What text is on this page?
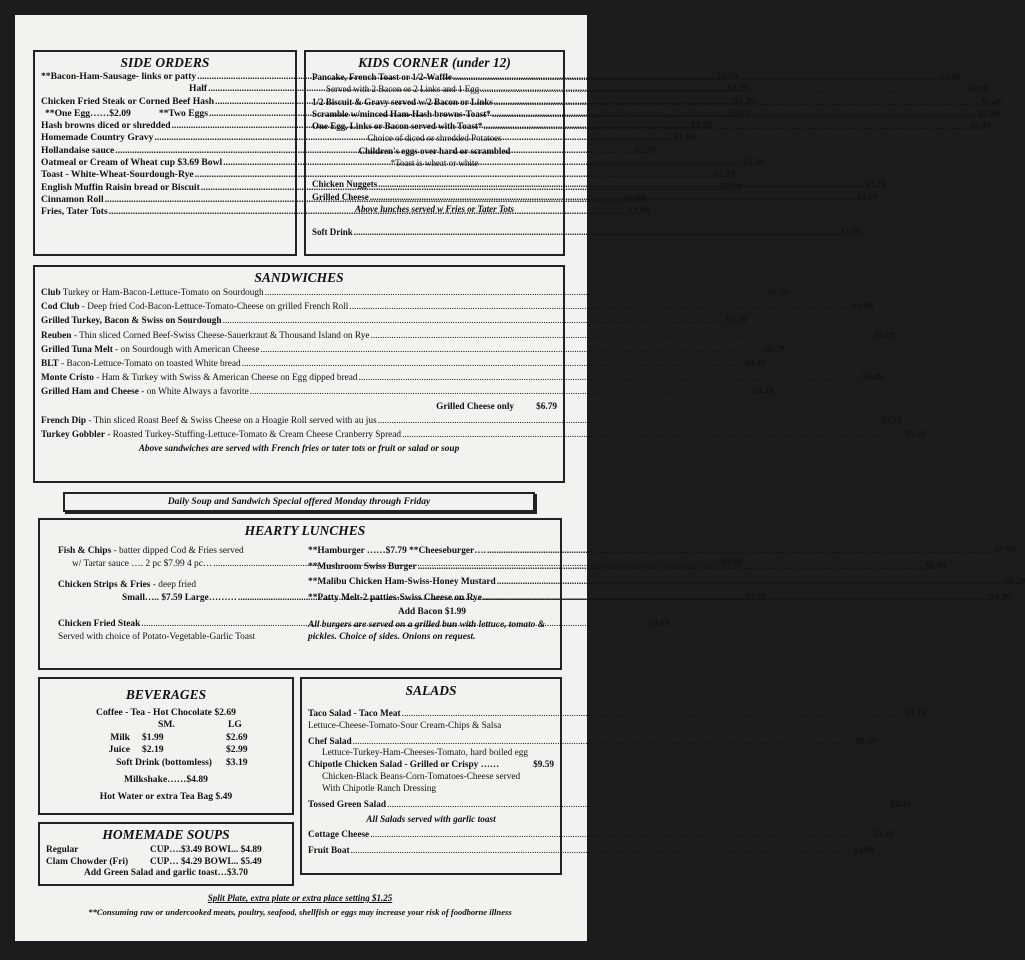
SIDE ORDERS

**Bacon-Ham-Sausage- links or patty .....	$4.59
Half .....	$2.89
Chicken Fried Steak or Corned Beef Hash .....	$5.09
**One Egg……$2.09	**Two Eggs .....	$3.09
Hash browns diced or shredded .....	$3.29
Homemade Country Gravy .....	$1.69
Hollandaise sauce .....	$2.59
Oatmeal or Cream of Wheat cup $3.69 Bowl .....	$4.39
Toast - White-Wheat-Sourdough-Rye .....	$2.39
English Muffin Raisin bread or Biscuit .....	$2.59
Cinnamon Roll .....	$3.99
Fries, Tater Tots .....	$3.99

KIDS CORNER (under 12)

Pancake, French Toast or 1/2-Waffle .....	$3.49
Served with 2 Bacon or 2 Links and 1 Egg .....	$5.99
1/2 Biscuit & Gravy served w/2 Bacon or Links .....	$5.49
Scramble w/minced Ham-Hash browns-Toast* .....	$5.89
One Egg, Links or Bacon served with Toast* .....	$5.89
Choice of diced or shredded Potatoes
Children's eggs over hard or scrambled
*Toast is wheat or white
Chicken Nuggets .....	$5.29
Grilled Cheese .....	$4.69
Above lunches served w Fries or Tater Tots
Soft Drink .....	$1.69

SANDWICHES

Club Turkey or Ham-Bacon-Lettuce-Tomato on Sourdough .....	$9.59
Cod Club - Deep fried Cod-Bacon-Lettuce-Tomato-Cheese on grilled French Roll .....	$9.99
Grilled Turkey, Bacon & Swiss on Sourdough .....	$9.49
Reuben - Thin sliced Corned Beef-Swiss Cheese-Sauerkraut & Thousand Island on Rye .....	$9.29
Grilled Tuna Melt - on Sourdough with American Cheese .....	$8.79
BLT - Bacon-Lettuce-Tomato on toasted White bread .....	$8.49
Monte Cristo - Ham & Turkey with Swiss & American Cheese on Egg dipped bread .....	$9.49
Grilled Ham and Cheese - on White Always a favorite .....	$8.49
Grilled Cheese only $6.79
French Dip - Thin sliced Roast Beef & Swiss Cheese on a Hoagie Roll served with au jus .....	$9.79
Turkey Gobbler - Roasted Turkey-Stuffing-Lettuce-Tomato & Cream Cheese Cranberry Spread .....	$9.69
Above sandwiches are served with French fries or tater tots or fruit or salad or soup
Daily Soup and Sandwich Special offered Monday through Friday

HEARTY LUNCHES

Fish & Chips - batter dipped Cod & Fries served
w/ Tartar sauce …. 2 pc $7.99 4 pc… .....	$9.99
Chicken Strips & Fries - deep fried
Small….. $7.59 Large……… .....	$9.89
Chicken Fried Steak .....	$9.69
Served with choice of Potato-Vegetable-Garlic Toast
**Hamburger ……$7.79 **Cheeseburger…. .....	$7.99
**Mushroom Swiss Burger .....	$8.99
**Malibu Chicken Ham-Swiss-Honey Mustard .....	$9.29
**Patty Melt-2 patties-Swiss Cheese on Rye .....	$9.99
Add Bacon $1.99
All burgers are served on a grilled bun with lettuce, tomato & pickles. Choice of sides. Onions on request.

BEVERAGES

Coffee - Tea - Hot Chocolate $2.69
SM.	LG
Milk	$1.99	$2.69
Juice	$2.19	$2.99
Soft Drink (bottomless)	$3.19
Milkshake……$4.89
Hot Water or extra Tea Bag $.49

HOMEMADE SOUPS

Regular	CUP….$3.49 BOWL.. $4.89
Clam Chowder (Fri)	CUP… $4.29 BOWL.. $5.49
Add Green Salad and garlic toast…$3.70

SALADS

Taco Salad - Taco Meat .....	$9.39
Lettuce-Cheese-Tomato-Sour Cream-Chips & Salsa
Chef Salad .....	$9.39
Lettuce-Turkey-Ham-Cheeses-Tomato, hard boiled egg
Chipotle Chicken Salad - Grilled or Crispy ……	$9.59
Chicken-Black Beans-Corn-Tomatoes-Cheese served
With Chipotle Ranch Dressing
Tossed Green Salad .....	$4.49
All Salads served with garlic toast
Cottage Cheese .....	$3.49
Fruit Boat .....	$4.09
Split Plate, extra plate or extra place setting $1.25
**Consuming raw or undercooked meats, poultry, seafood, shellfish or eggs may increase your risk of foodborne illness
